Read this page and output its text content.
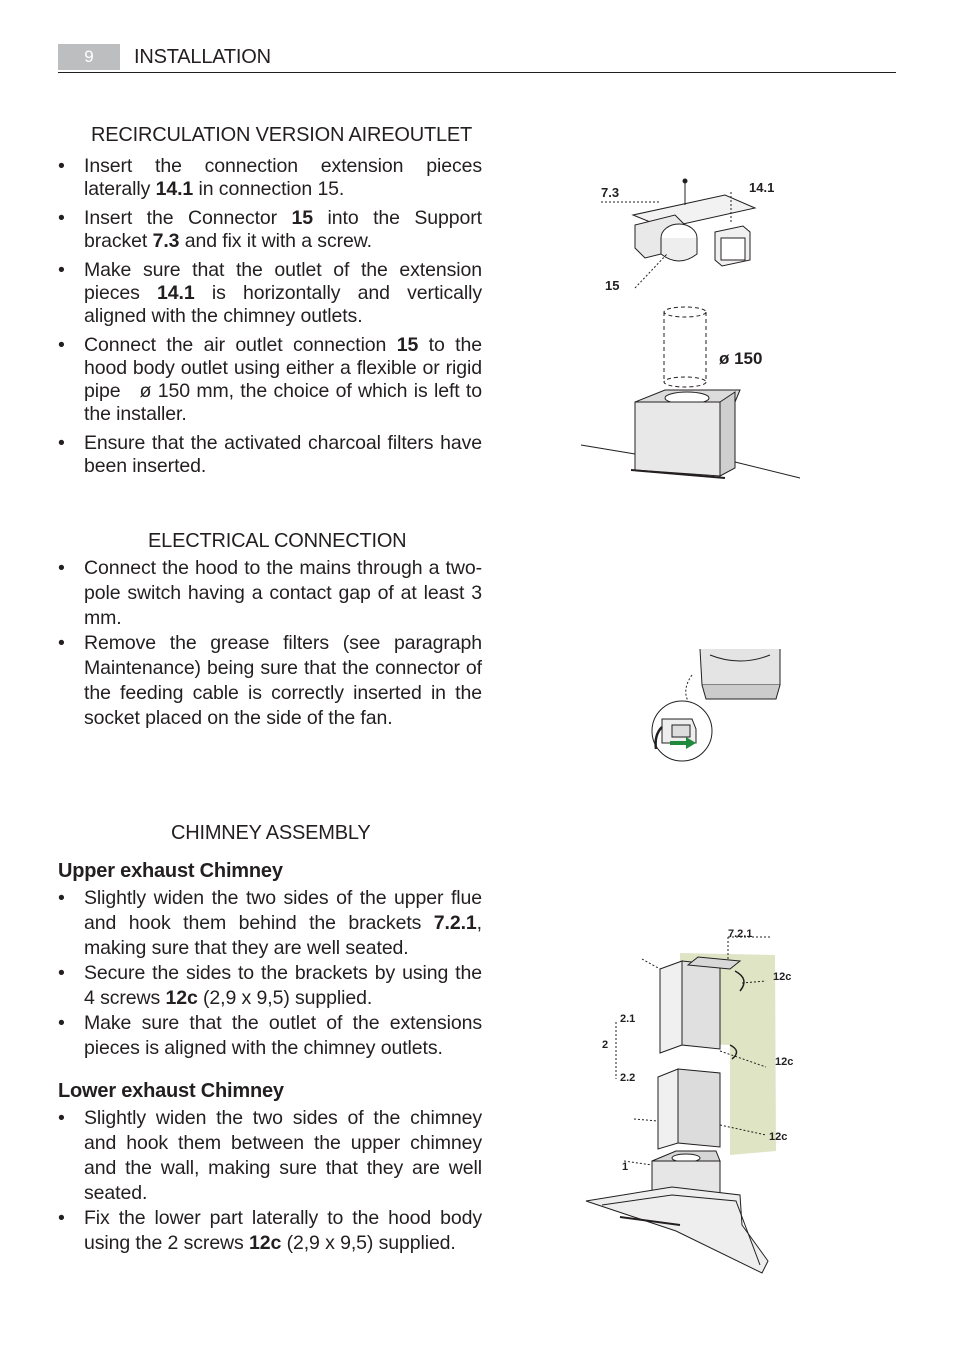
9	INSTALLATION
RECIRCULATION VERSION AIREOUTLET
• Insert the connection extension pieces laterally 14.1 in connection 15.
• Insert the Connector 15 into the Support bracket 7.3 and fix it with a screw.
• Make sure that the outlet of the extension pieces 14.1 is horizontally and vertically aligned with the chimney outlets.
• Connect the air outlet connection 15 to the hood body outlet using either a flexible or rigid pipe   ø 150 mm, the choice of which is left to the installer.
• Ensure that the activated charcoal filters have been inserted.
7.3	14.1
15
ø 150
ELECTRICAL CONNECTION
• Connect the hood to the mains through a two-pole switch having a contact gap of at least 3 mm.
• Remove the grease filters (see paragraph Maintenance) being sure that the connector of the feeding cable is correctly inserted in the socket placed on the side of the fan.
CHIMNEY ASSEMBLY
Upper exhaust Chimney
• Slightly widen the two sides of the upper flue and hook them behind the brackets 7.2.1, making sure that they are well seated.
• Secure the sides to the brackets by using the 4 screws 12c (2,9 x 9,5) supplied.
• Make sure that the outlet of the extensions pieces is aligned with the chimney outlets.
Lower exhaust Chimney
• Slightly widen the two sides of the chimney and hook them between the upper chimney and the wall, making sure that they are well seated.
• Fix the lower part laterally to the hood body using the 2 screws 12c (2,9 x 9,5) supplied.
7.2.1
12c
12c
12c
2.1
2
2.2
1
